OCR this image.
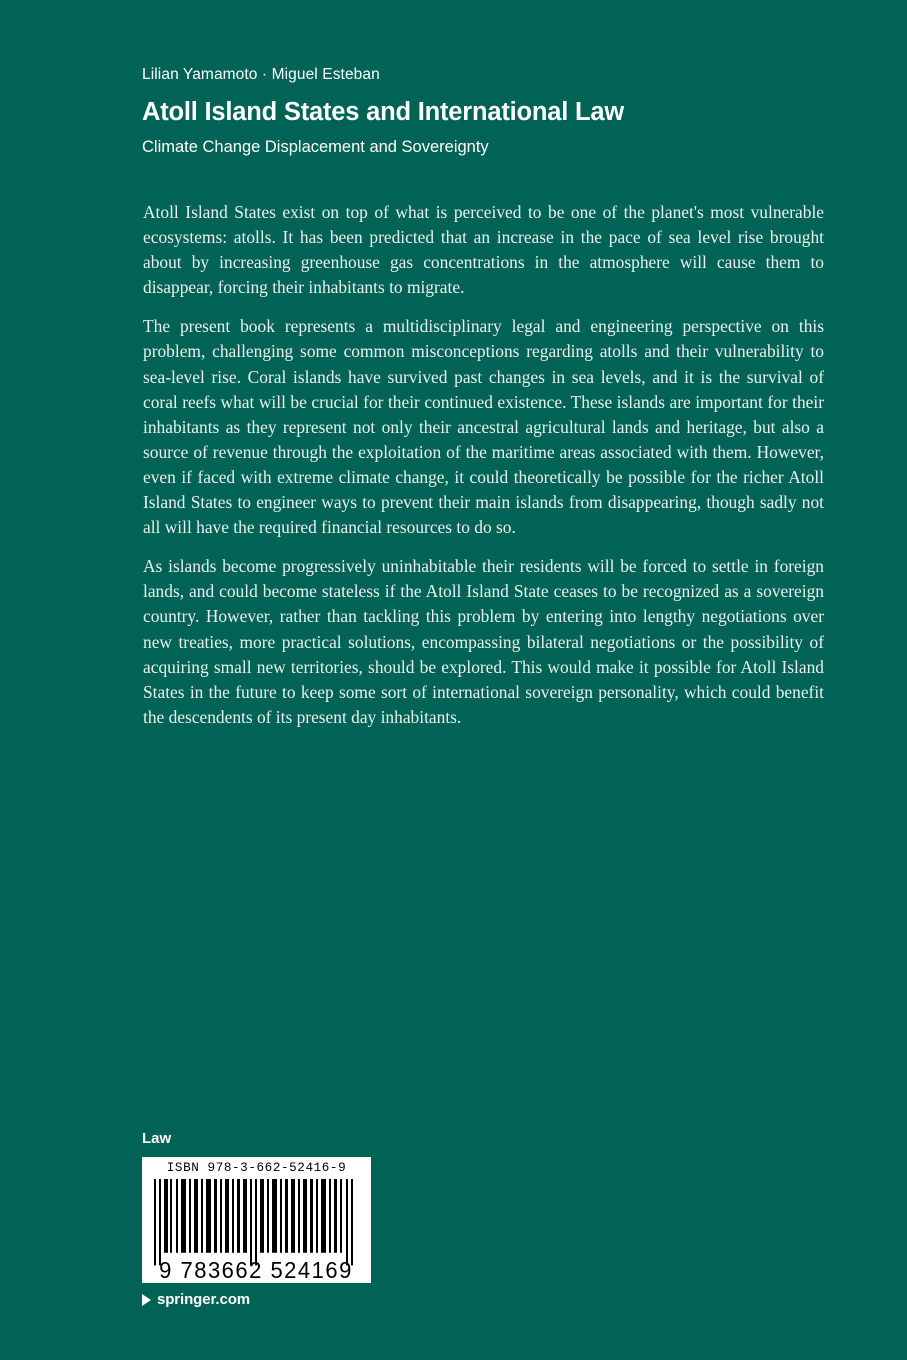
Lilian Yamamoto · Miguel Esteban
Atoll Island States and International Law
Climate Change Displacement and Sovereignty

Atoll Island States exist on top of what is perceived to be one of the planet's most vulnerable ecosystems: atolls. It has been predicted that an increase in the pace of sea level rise brought about by increasing greenhouse gas concentrations in the atmosphere will cause them to disappear, forcing their inhabitants to migrate.

The present book represents a multidisciplinary legal and engineering perspective on this problem, challenging some common misconceptions regarding atolls and their vulnerability to sea-level rise. Coral islands have survived past changes in sea levels, and it is the survival of coral reefs what will be crucial for their continued existence. These islands are important for their inhabitants as they represent not only their ancestral agricultural lands and heritage, but also a source of revenue through the exploitation of the maritime areas associated with them. However, even if faced with extreme climate change, it could theoretically be possible for the richer Atoll Island States to engineer ways to prevent their main islands from disappearing, though sadly not all will have the required financial resources to do so.

As islands become progressively uninhabitable their residents will be forced to settle in foreign lands, and could become stateless if the Atoll Island State ceases to be recognized as a sovereign country. However, rather than tackling this problem by entering into lengthy negotiations over new treaties, more practical solutions, encompassing bilateral negotiations or the possibility of acquiring small new territories, should be explored. This would make it possible for Atoll Island States in the future to keep some sort of international sovereign personality, which could benefit the descendents of its present day inhabitants.

Law
ISBN 978-3-662-52416-9
9 783662 524169
springer.com
